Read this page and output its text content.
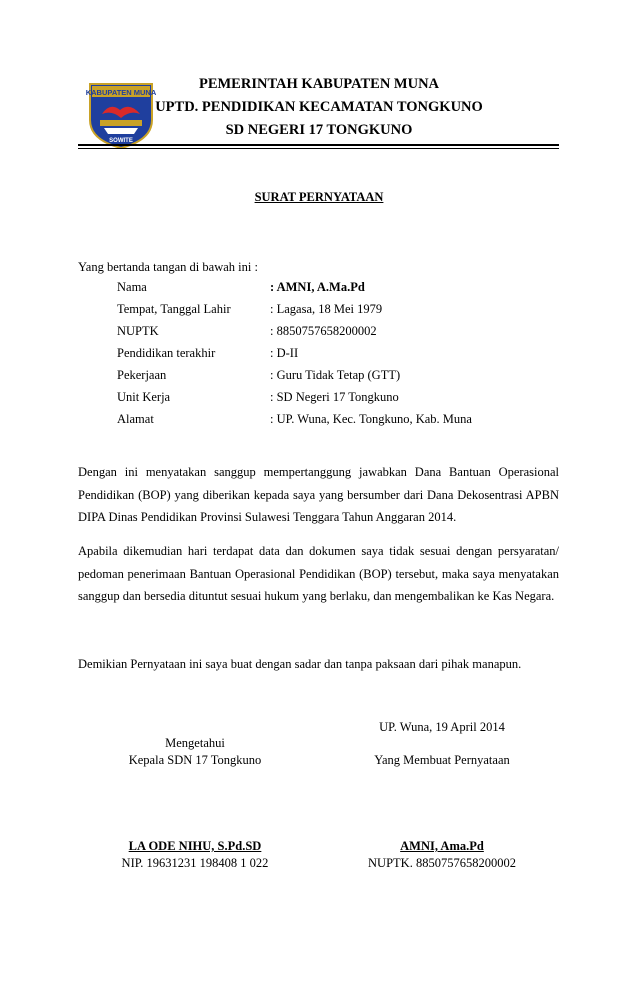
KABUPATEN MUNA
SOWITE
PEMERINTAH KABUPATEN MUNA
UPTD. PENDIDIKAN KECAMATAN TONGKUNO
SD NEGERI 17 TONGKUNO
SURAT PERNYATAAN
Yang bertanda tangan di bawah ini :
Nama	: AMNI, A.Ma.Pd
Tempat, Tanggal Lahir	: Lagasa, 18 Mei 1979
NUPTK	: 8850757658200002
Pendidikan terakhir	: D-II
Pekerjaan	: Guru Tidak Tetap (GTT)
Unit Kerja	: SD Negeri 17 Tongkuno
Alamat	: UP. Wuna, Kec. Tongkuno, Kab. Muna
Dengan ini menyatakan sanggup mempertanggung jawabkan Dana Bantuan Operasional Pendidikan (BOP) yang diberikan kepada saya yang bersumber dari Dana Dekosentrasi APBN DIPA Dinas Pendidikan Provinsi Sulawesi Tenggara Tahun Anggaran 2014.
Apabila dikemudian hari terdapat data dan dokumen saya tidak sesuai dengan persyaratan/ pedoman penerimaan Bantuan Operasional Pendidikan (BOP) tersebut, maka saya menyatakan sanggup dan bersedia dituntut sesuai hukum yang berlaku, dan mengembalikan ke Kas Negara.
Demikian Pernyataan ini saya buat dengan sadar dan tanpa paksaan dari pihak manapun.
Mengetahui
Kepala SDN 17 Tongkuno
UP. Wuna, 19 April 2014
Yang Membuat Pernyataan
LA ODE NIHU, S.Pd.SD
NIP. 19631231 198408 1 022
AMNI, Ama.Pd
NUPTK. 8850757658200002
